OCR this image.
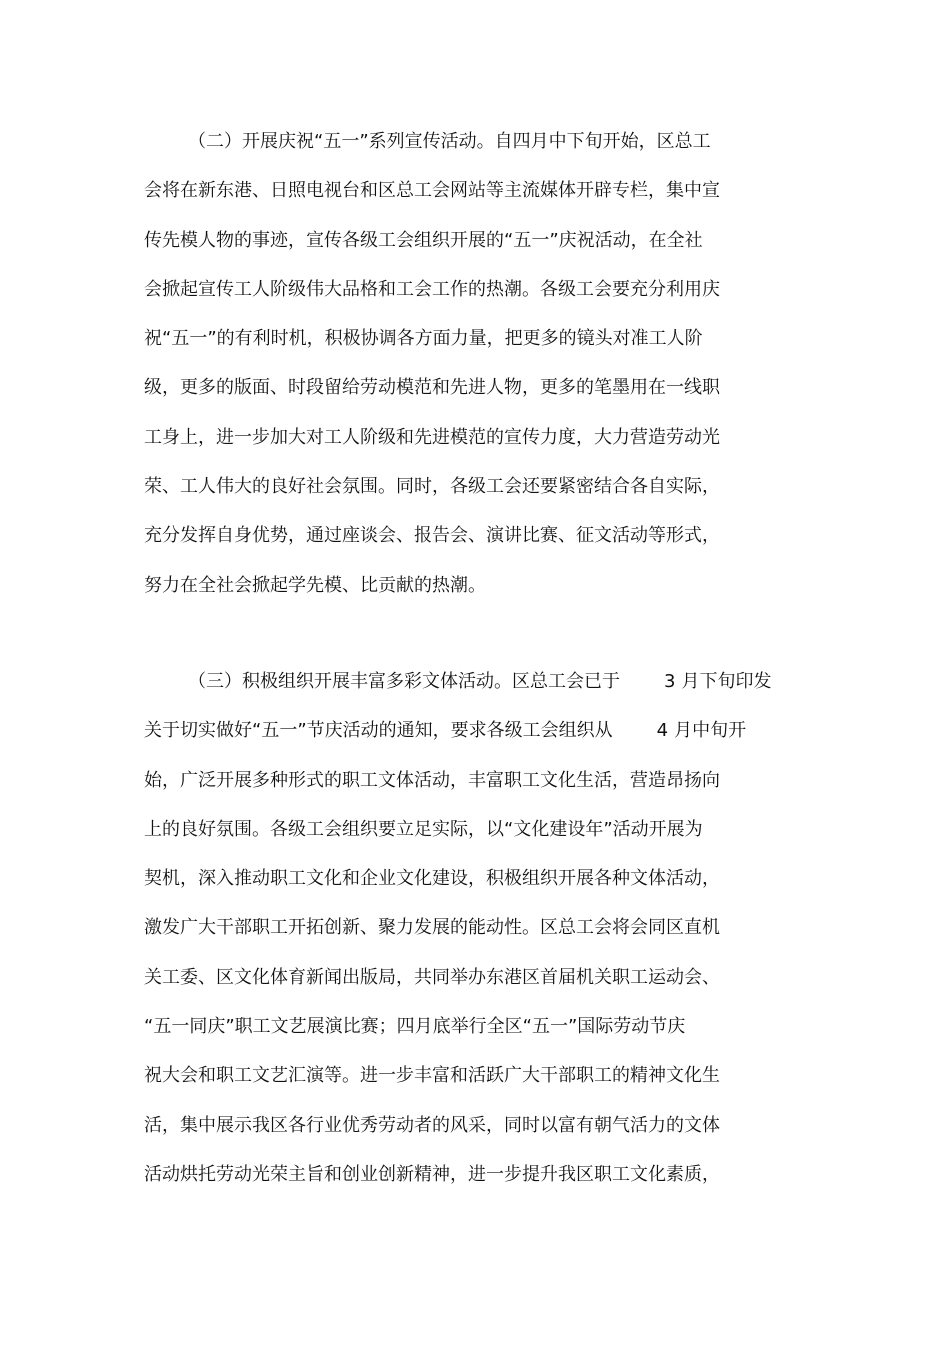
（二）开展庆祝“五一”系列宣传活动。自四月中下旬开始，区总工
会将在新东港、日照电视台和区总工会网站等主流媒体开辟专栏，集中宣
传先模人物的事迹，宣传各级工会组织开展的“五一”庆祝活动，在全社
会掀起宣传工人阶级伟大品格和工会工作的热潮。各级工会要充分利用庆
祝“五一”的有利时机，积极协调各方面力量，把更多的镜头对准工人阶
级，更多的版面、时段留给劳动模范和先进人物，更多的笔墨用在一线职
工身上，进一步加大对工人阶级和先进模范的宣传力度，大力营造劳动光
荣、工人伟大的良好社会氛围。同时，各级工会还要紧密结合各自实际，
充分发挥自身优势，通过座谈会、报告会、演讲比赛、征文活动等形式，
努力在全社会掀起学先模、比贡献的热潮。
（三）积极组织开展丰富多彩文体活动。区总工会已于 3 月下旬印发
关于切实做好“五一”节庆活动的通知，要求各级工会组织从 4 月中旬开
始，广泛开展多种形式的职工文体活动，丰富职工文化生活，营造昂扬向
上的良好氛围。各级工会组织要立足实际，以“文化建设年”活动开展为
契机，深入推动职工文化和企业文化建设，积极组织开展各种文体活动，
激发广大干部职工开拓创新、聚力发展的能动性。区总工会将会同区直机
关工委、区文化体育新闻出版局，共同举办东港区首届机关职工运动会、
“五一同庆”职工文艺展演比赛；四月底举行全区“五一”国际劳动节庆
祝大会和职工文艺汇演等。进一步丰富和活跃广大干部职工的精神文化生
活，集中展示我区各行业优秀劳动者的风采，同时以富有朝气活力的文体
活动烘托劳动光荣主旨和创业创新精神，进一步提升我区职工文化素质，
